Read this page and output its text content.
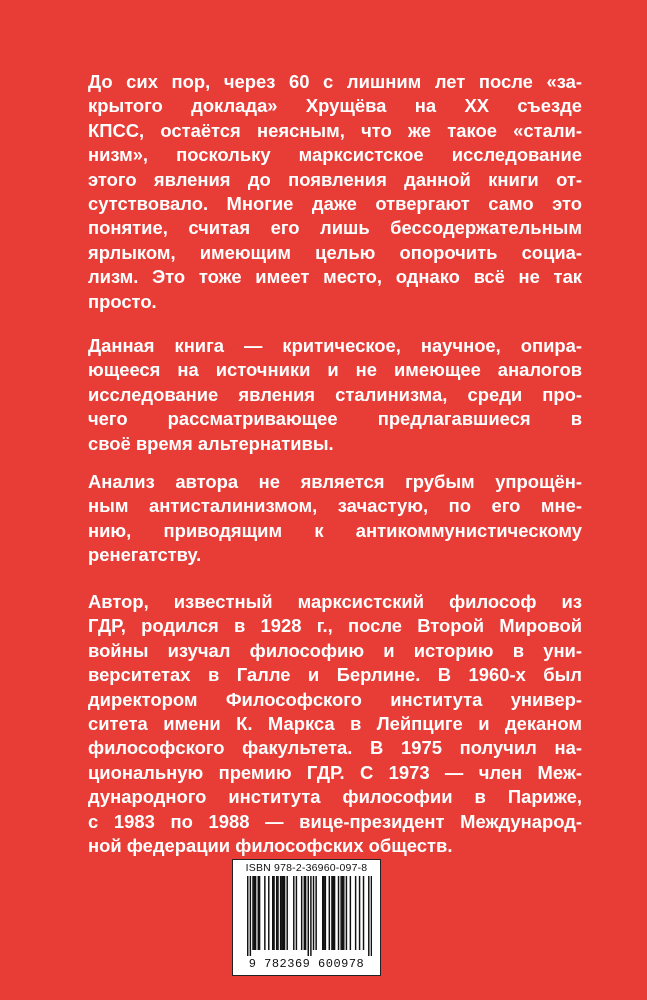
До сих пор, через 60 с лишним лет после «за-
крытого доклада» Хрущёва на XX съезде
КПСС, остаётся неясным, что же такое «стали-
низм», поскольку марксистское исследование
этого явления до появления данной книги от-
сутствовало. Многие даже отвергают само это
понятие, считая его лишь бессодержательным
ярлыком, имеющим целью опорочить социа-
лизм. Это тоже имеет место, однако всё не так
просто.
Данная книга — критическое, научное, опира-
ющееся на источники и не имеющее аналогов
исследование явления сталинизма, среди про-
чего рассматривающее предлагавшиеся в
своё время альтернативы.
Анализ автора не является грубым упрощён-
ным антисталинизмом, зачастую, по его мне-
нию, приводящим к антикоммунистическому
ренегатству.
Автор, известный марксистский философ из
ГДР, родился в 1928 г., после Второй Мировой
войны изучал философию и историю в уни-
верситетах в Галле и Берлине. В 1960-х был
директором Философского института универ-
ситета имени К. Маркса в Лейпциге и деканом
философского факультета. В 1975 получил на-
циональную премию ГДР. С 1973 — член Меж-
дународного института философии в Париже,
с 1983 по 1988 — вице-президент Международ-
ной федерации философских обществ.
ISBN 978-2-36960-097-8
9 782369 600978
